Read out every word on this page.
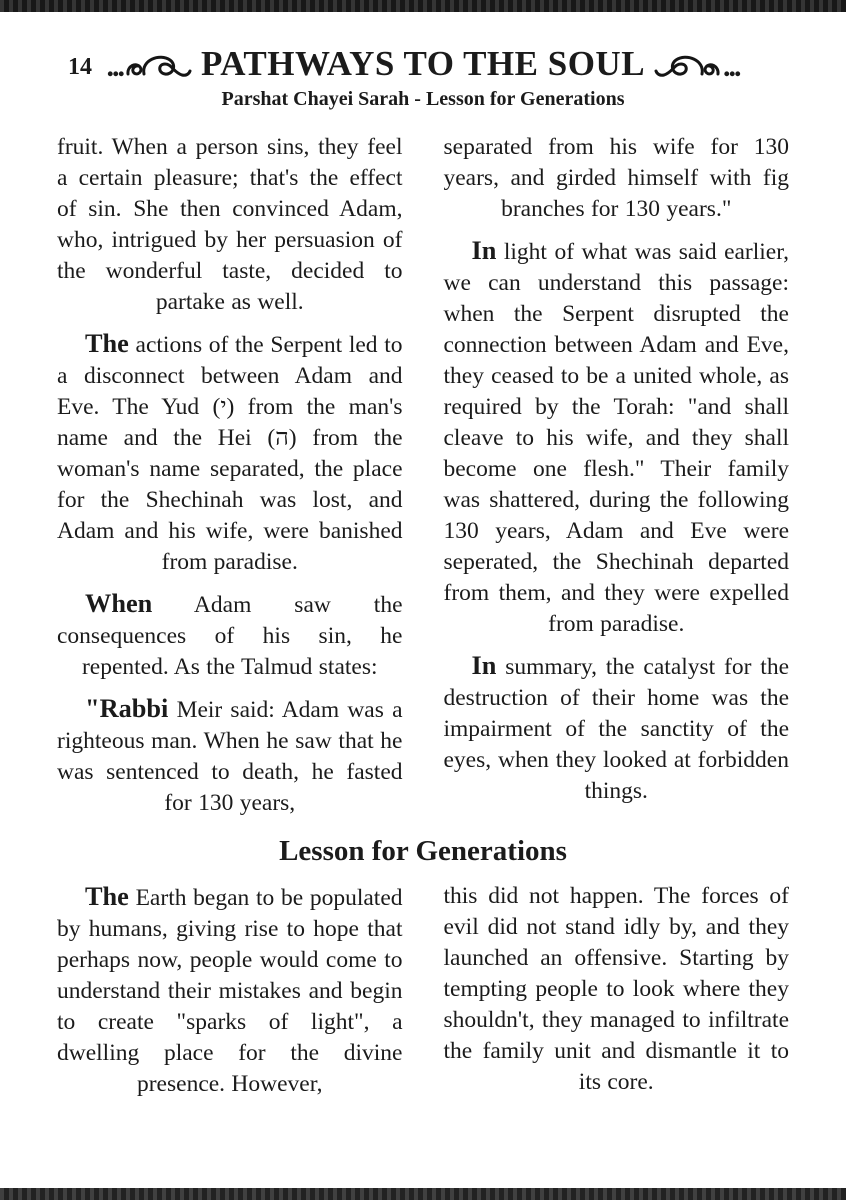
14 ... PATHWAYS TO THE SOUL	...
Parshat Chayei Sarah - Lesson for Generations

fruit. When a person sins, they feel a certain pleasure; that's the effect of sin. She then convinced Adam, who, intrigued by her persuasion of the wonderful taste, decided to partake as well.

The actions of the Serpent led to a disconnect between Adam and Eve. The Yud (י) from the man's name and the Hei (ה) from the woman's name separated, the place for the Shechinah was lost, and Adam and his wife, were banished from paradise.

When Adam saw the consequences of his sin, he repented. As the Talmud states:

"Rabbi Meir said: Adam was a righteous man. When he saw that he was sentenced to death, he fasted for 130 years,

separated from his wife for 130 years, and girded himself with fig branches for 130 years."

In light of what was said earlier, we can understand this passage: when the Serpent disrupted the connection between Adam and Eve, they ceased to be a united whole, as required by the Torah: "and shall cleave to his wife, and they shall become one flesh." Their family was shattered, during the following 130 years, Adam and Eve were seperated, the Shechinah departed from them, and they were expelled from paradise.

In summary, the catalyst for the destruction of their home was the impairment of the sanctity of the eyes, when they looked at forbidden things.

Lesson for Generations

The Earth began to be populated by humans, giving rise to hope that perhaps now, people would come to understand their mistakes and begin to create "sparks of light", a dwelling place for the divine presence. However,

this did not happen. The forces of evil did not stand idly by, and they launched an offensive. Starting by tempting people to look where they shouldn't, they managed to infiltrate the family unit and dismantle it to its core.
